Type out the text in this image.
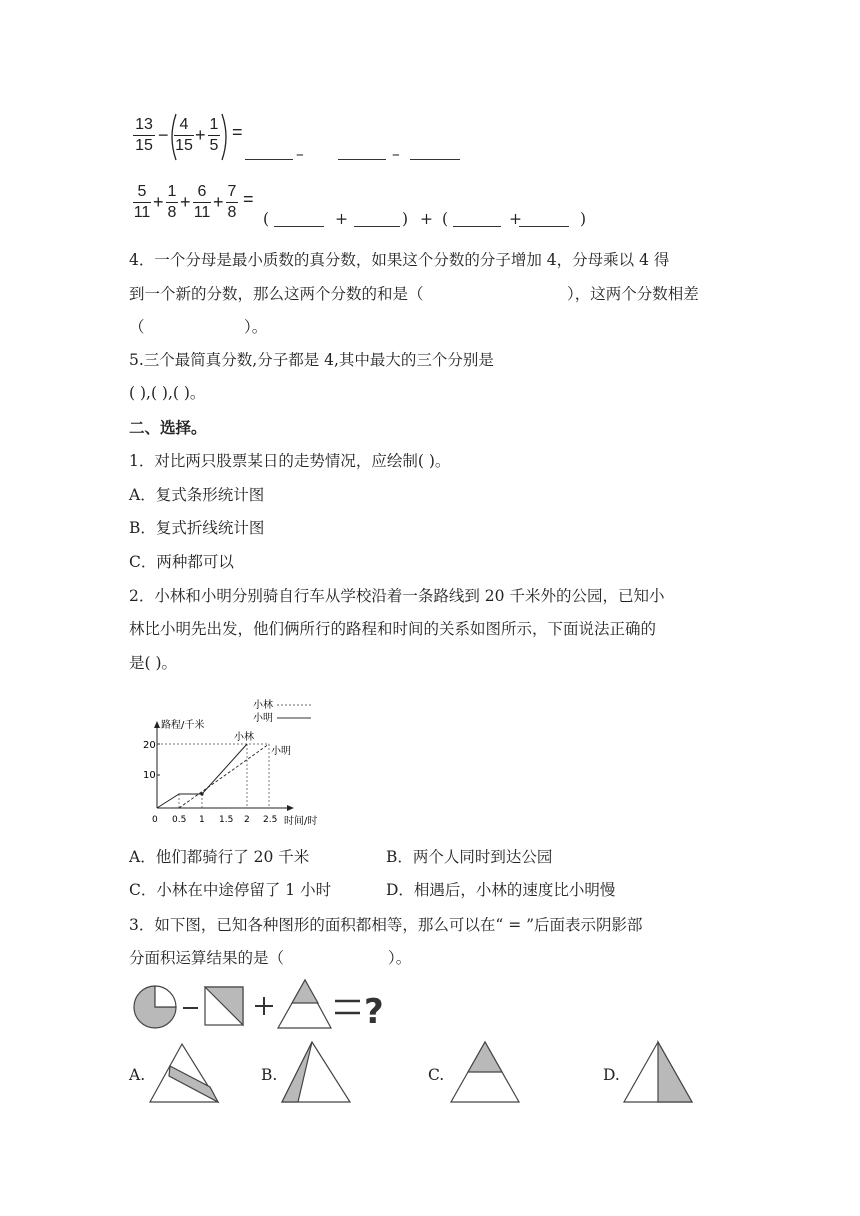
13
15
−
4
15
+
1
5
=
–	–
5
11
+
1
8
+
6
11
+
7
8
=
(	+	) + (	+	)
4．一个分母是最小质数的真分数，如果这个分数的分子增加 4，分母乘以 4 得
到一个新的分数，那么这两个分数的和是（	），这两个分数相差
（	）。
5.三个最简真分数,分子都是 4,其中最大的三个分别是
( ),( ),( )。
二、选择。
1．对比两只股票某日的走势情况，应绘制( )。
A．复式条形统计图
B．复式折线统计图
C．两种都可以
2．小林和小明分别骑自行车从学校沿着一条路线到 20 千米外的公园，已知小
林比小明先出发，他们俩所行的路程和时间的关系如图所示，下面说法正确的
是( )。
小林
小明
路程/千米
时间/时
20
10
0 0.5 1 1.5 2 2.5
小林
小明
A．他们都骑行了 20 千米	B．两个人同时到达公园
C．小林在中途停留了 1 小时	D．相遇后，小林的速度比小明慢
3．如下图，已知各种图形的面积都相等，那么可以在“ = ”后面表示阴影部
分面积运算结果的是（	）。
?
A.	B.	C.	D.
